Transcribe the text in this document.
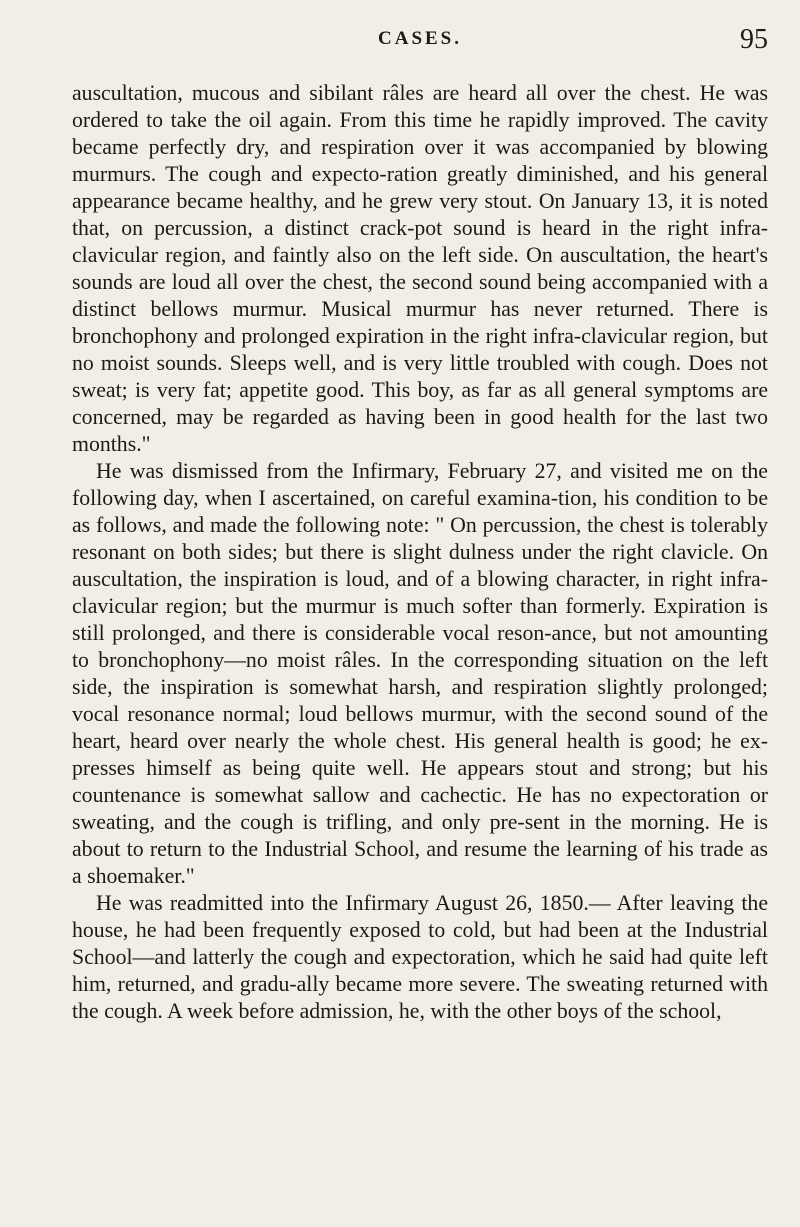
CASES.	95

auscultation, mucous and sibilant râles are heard all over the chest. He was ordered to take the oil again. From this time he rapidly improved. The cavity became perfectly dry, and respiration over it was accompanied by blowing murmurs. The cough and expecto-ration greatly diminished, and his general appearance became healthy, and he grew very stout. On January 13, it is noted that, on percussion, a distinct crack-pot sound is heard in the right infra-clavicular region, and faintly also on the left side. On auscultation, the heart's sounds are loud all over the chest, the second sound being accompanied with a distinct bellows murmur. Musical murmur has never returned. There is bronchophony and prolonged expiration in the right infra-clavicular region, but no moist sounds. Sleeps well, and is very little troubled with cough. Does not sweat; is very fat; appetite good. This boy, as far as all general symptoms are concerned, may be regarded as having been in good health for the last two months."

He was dismissed from the Infirmary, February 27, and visited me on the following day, when I ascertained, on careful examina-tion, his condition to be as follows, and made the following note: " On percussion, the chest is tolerably resonant on both sides; but there is slight dulness under the right clavicle. On auscultation, the inspiration is loud, and of a blowing character, in right infra-clavicular region; but the murmur is much softer than formerly. Expiration is still prolonged, and there is considerable vocal reson-ance, but not amounting to bronchophony—no moist râles. In the corresponding situation on the left side, the inspiration is somewhat harsh, and respiration slightly prolonged; vocal resonance normal; loud bellows murmur, with the second sound of the heart, heard over nearly the whole chest. His general health is good; he ex-presses himself as being quite well. He appears stout and strong; but his countenance is somewhat sallow and cachectic. He has no expectoration or sweating, and the cough is trifling, and only pre-sent in the morning. He is about to return to the Industrial School, and resume the learning of his trade as a shoemaker."

He was readmitted into the Infirmary August 26, 1850.— After leaving the house, he had been frequently exposed to cold, but had been at the Industrial School—and latterly the cough and expectoration, which he said had quite left him, returned, and gradu-ally became more severe. The sweating returned with the cough. A week before admission, he, with the other boys of the school,
